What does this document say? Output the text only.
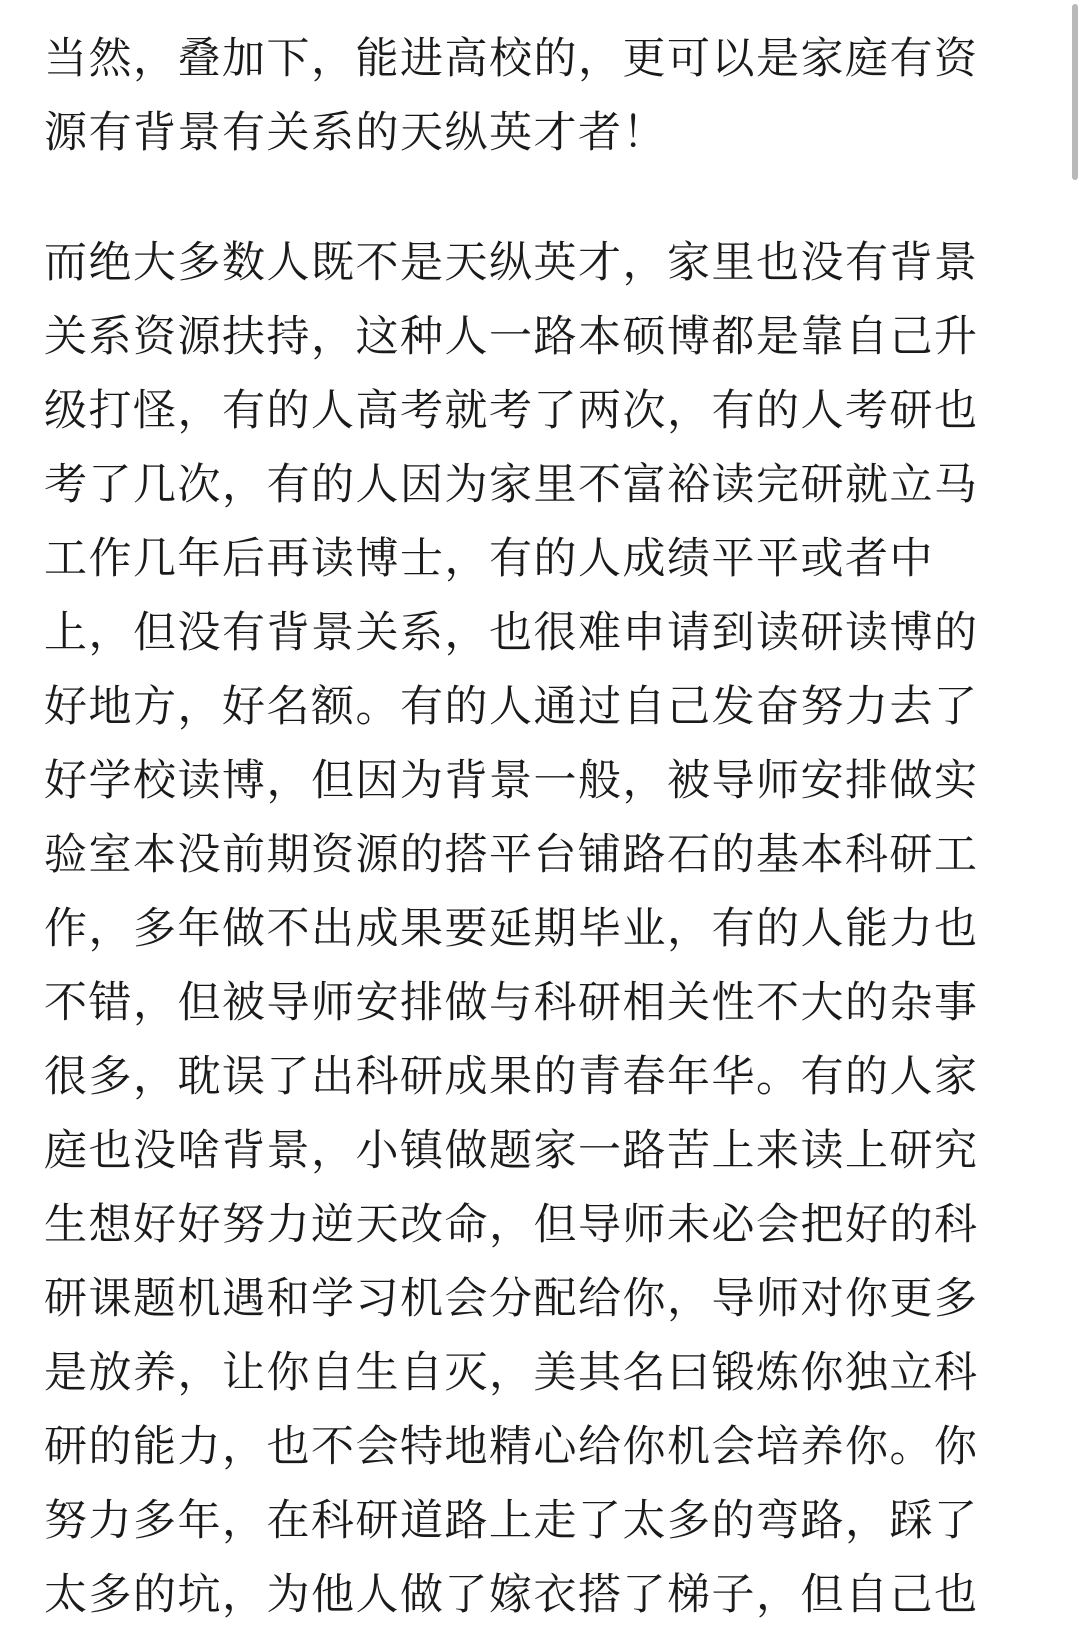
当然，叠加下，能进高校的，更可以是家庭有资
源有背景有关系的天纵英才者！

而绝大多数人既不是天纵英才，家里也没有背景
关系资源扶持，这种人一路本硕博都是靠自己升
级打怪，有的人高考就考了两次，有的人考研也
考了几次，有的人因为家里不富裕读完研就立马
工作几年后再读博士，有的人成绩平平或者中
上，但没有背景关系，也很难申请到读研读博的
好地方，好名额。有的人通过自己发奋努力去了
好学校读博，但因为背景一般，被导师安排做实
验室本没前期资源的搭平台铺路石的基本科研工
作，多年做不出成果要延期毕业，有的人能力也
不错，但被导师安排做与科研相关性不大的杂事
很多，耽误了出科研成果的青春年华。有的人家
庭也没啥背景，小镇做题家一路苦上来读上研究
生想好好努力逆天改命，但导师未必会把好的科
研课题机遇和学习机会分配给你，导师对你更多
是放养，让你自生自灭，美其名曰锻炼你独立科
研的能力，也不会特地精心给你机会培养你。你
努力多年，在科研道路上走了太多的弯路，踩了
太多的坑，为他人做了嫁衣搭了梯子，但自己也
